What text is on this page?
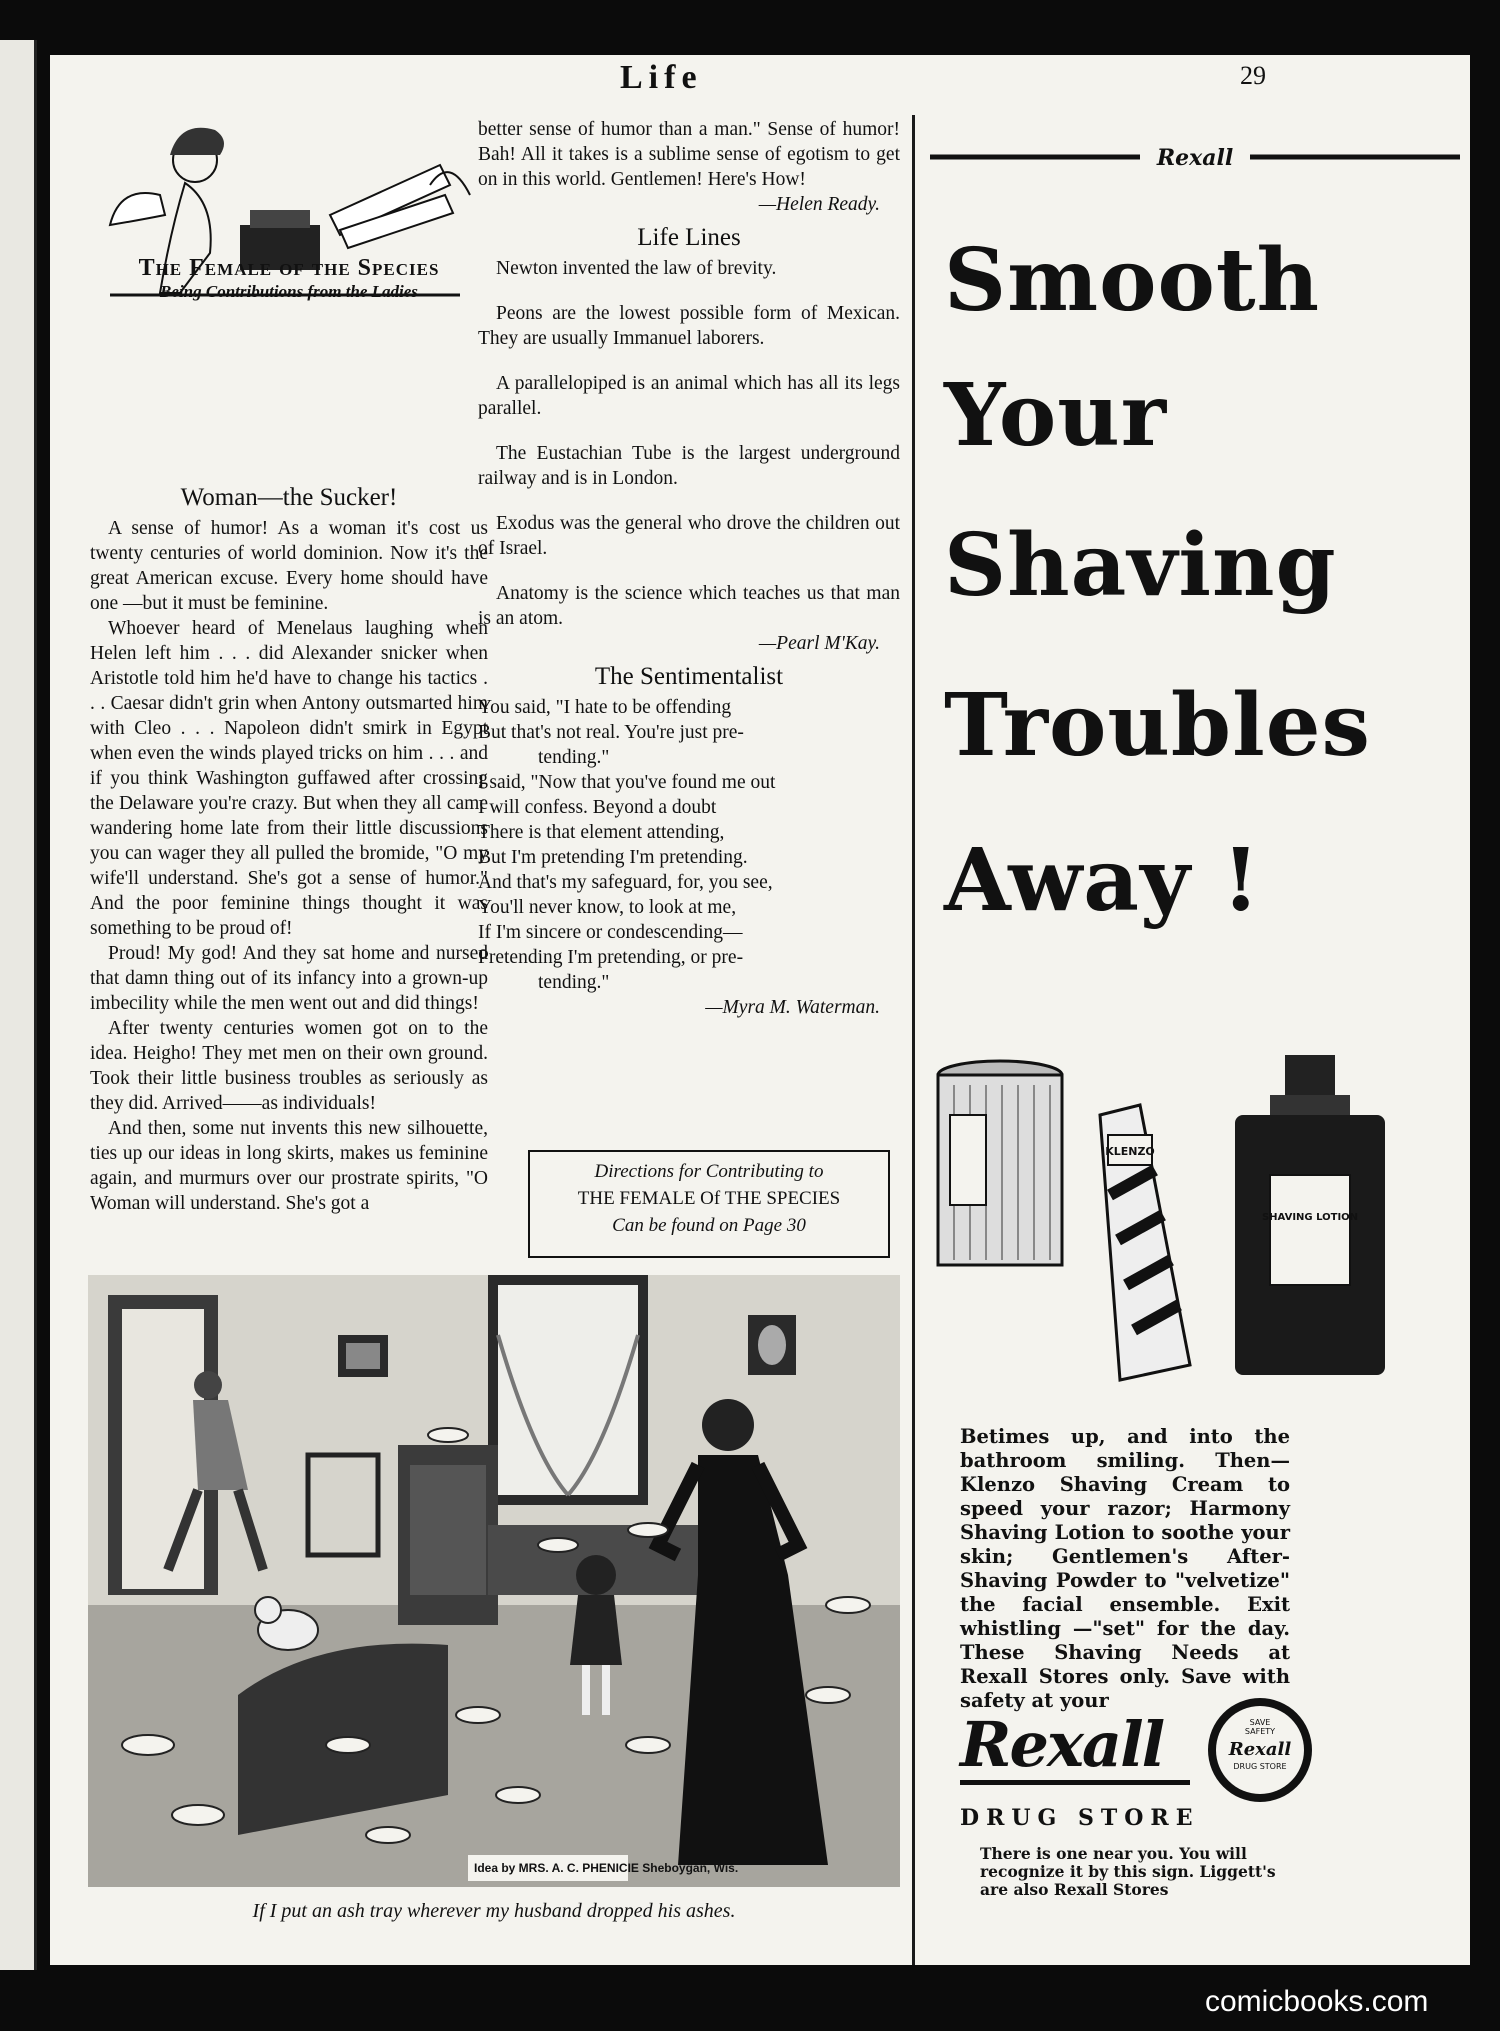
Life	29
The Female of the Species
Being Contributions from the Ladies
Woman—the Sucker!

A sense of humor! As a woman it's cost us twenty centuries of world dominion. Now it's the great American excuse. Every home should have one —but it must be feminine.

Whoever heard of Menelaus laughing when Helen left him . . . did Alexander snicker when Aristotle told him he'd have to change his tactics . . . Caesar didn't grin when Antony outsmarted him with Cleo . . . Napoleon didn't smirk in Egypt when even the winds played tricks on him . . . and if you think Washington guffawed after crossing the Delaware you're crazy. But when they all came wandering home late from their little discussions you can wager they all pulled the bromide, "O my wife'll understand. She's got a sense of humor." And the poor feminine things thought it was something to be proud of!

Proud! My god! And they sat home and nursed that damn thing out of its infancy into a grown-up imbecility while the men went out and did things!

After twenty centuries women got on to the idea. Heigho! They met men on their own ground. Took their little business troubles as seriously as they did. Arrived——as individuals!

And then, some nut invents this new silhouette, ties up our ideas in long skirts, makes us feminine again, and murmurs over our prostrate spirits, "O Woman will understand. She's got a

better sense of humor than a man." Sense of humor! Bah! All it takes is a sublime sense of egotism to get on in this world. Gentlemen! Here's How!

—Helen Ready.
Life Lines

Newton invented the law of brevity.

Peons are the lowest possible form of Mexican. They are usually Immanuel laborers.

A parallelopiped is an animal which has all its legs parallel.

The Eustachian Tube is the largest underground railway and is in London.

Exodus was the general who drove the children out of Israel.

Anatomy is the science which teaches us that man is an atom.

—Pearl M'Kay.
The Sentimentalist
You said, "I hate to be offending
But that's not real. You're just pre-
tending."
I said, "Now that you've found me out
I will confess. Beyond a doubt
There is that element attending,
But I'm pretending I'm pretending.
And that's my safeguard, for, you see,
You'll never know, to look at me,
If I'm sincere or condescending—
Pretending I'm pretending, or pre-
tending."
—Myra M. Waterman.
Directions for Contributing to
THE FEMALE Of THE SPECIES
Can be found on Page 30
Idea by MRS. A. C. PHENICIE Sheboygan, Wis.
If I put an ash tray wherever my husband dropped his ashes.
Rexall
Smooth
Your
Shaving
Troubles
Away !
KLENZO
SHAVING LOTION
Betimes up, and into the bathroom smiling. Then—Klenzo Shaving Cream to speed your razor; Harmony Shaving Lotion to soothe your skin; Gentlemen's After-Shaving Powder to "velvetize" the facial ensemble. Exit whistling —"set" for the day. These Shaving Needs at Rexall Stores only. Save with safety at your
Rexall	SAVE
SAFETY
Rexall
DRUG STORE
DRUG STORE
There is one near you. You will recognize it by this sign. Liggett's are also Rexall Stores
comicbooks.com
